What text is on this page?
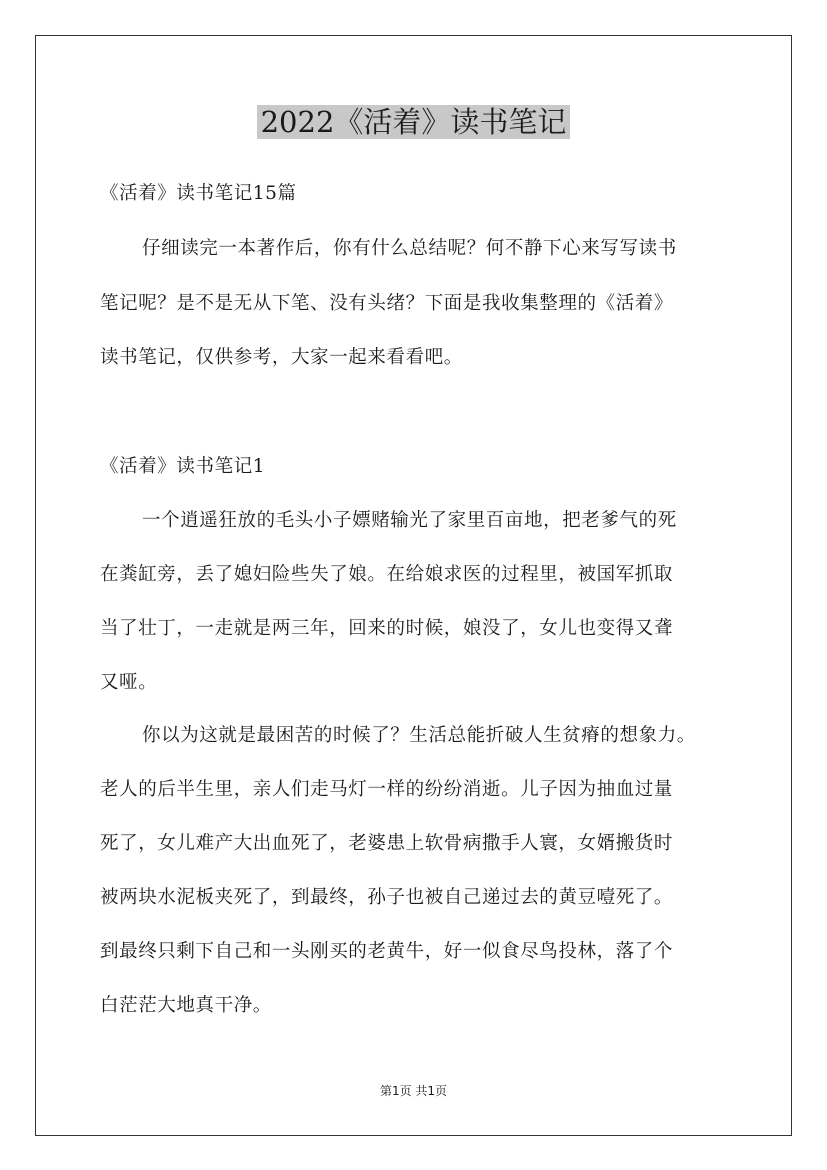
2022《活着》读书笔记
《活着》读书笔记15篇
仔细读完一本著作后，你有什么总结呢？何不静下心来写写读书
笔记呢？是不是无从下笔、没有头绪？下面是我收集整理的《活着》
读书笔记，仅供参考，大家一起来看看吧。
《活着》读书笔记1
一个逍遥狂放的毛头小子嫖赌输光了家里百亩地，把老爹气的死
在粪缸旁，丢了媳妇险些失了娘。在给娘求医的过程里，被国军抓取
当了壮丁，一走就是两三年，回来的时候，娘没了，女儿也变得又聋
又哑。
你以为这就是最困苦的时候了？生活总能折破人生贫瘠的想象力。
老人的后半生里，亲人们走马灯一样的纷纷消逝。儿子因为抽血过量
死了，女儿难产大出血死了，老婆患上软骨病撒手人寰，女婿搬货时
被两块水泥板夹死了，到最终，孙子也被自己递过去的黄豆噎死了。
到最终只剩下自己和一头刚买的老黄牛，好一似食尽鸟投林，落了个
白茫茫大地真干净。
第1页 共1页
